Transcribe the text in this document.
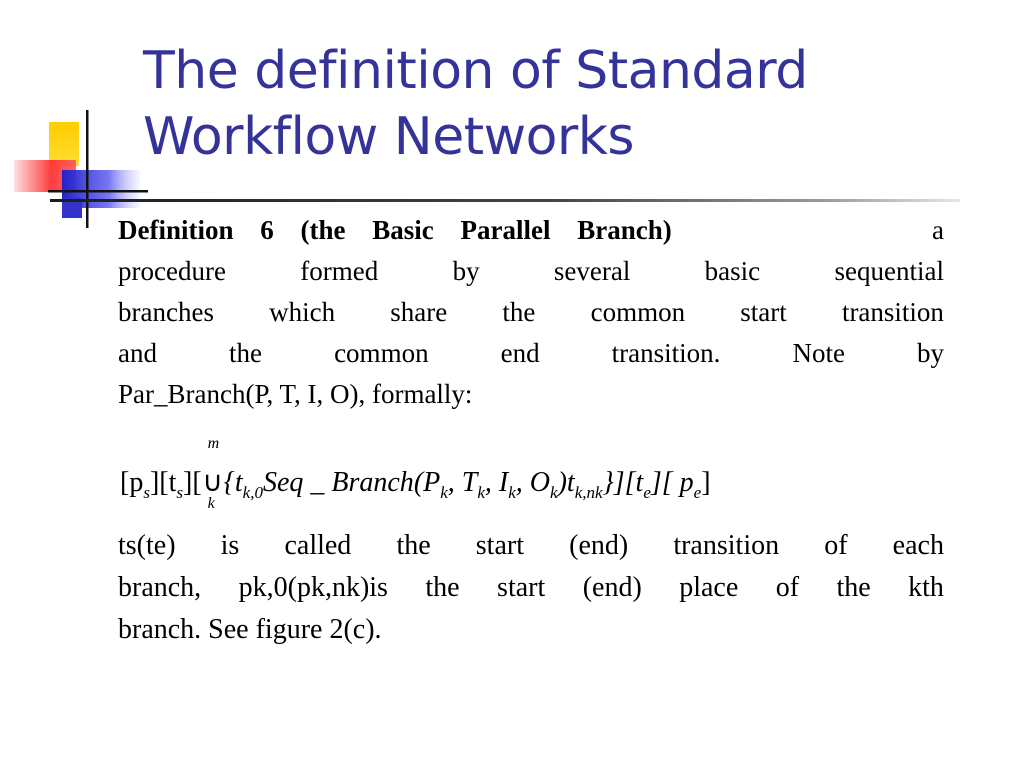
The definition of Standard
Workflow Networks
Definition 6 (the Basic Parallel Branch)	a
procedure	formed	by	several	basic	sequential
branches which share the common start transition
and	the	common	end	transition.	Note	by
Par_Branch(P, T, I, O), formally:
$[p_s][t_s]$[
m
∪
k
{$t_{k,0}Seq$ _ $Branch(P_k$, $T_k$, $I_k$, $O_k)t_{k,nk}\}][t_e]$[ $p_e$]
ts(te) is called the start (end) transition of each
branch, pk,0(pk,nk)is the start (end) place of the kth
branch. See figure 2(c).
